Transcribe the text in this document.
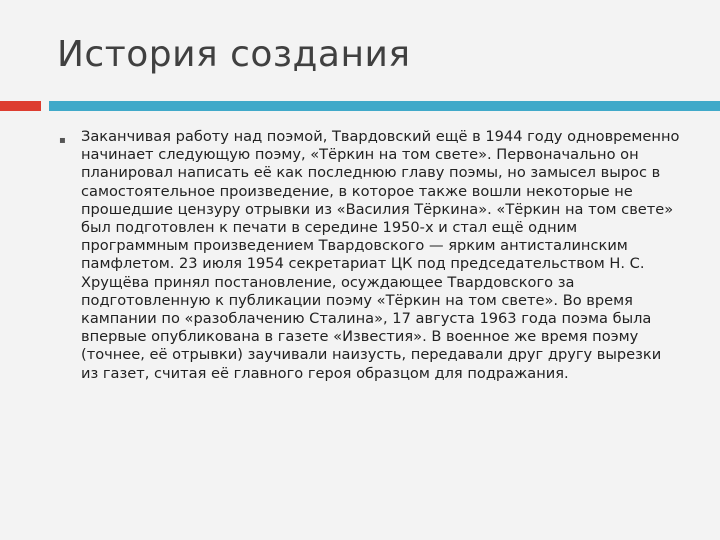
История создания
▪	Заканчивая работу над поэмой, Твардовский ещё в 1944 году одновременно начинает следующую поэму, «Тёркин на том свете». Первоначально он планировал написать её как последнюю главу поэмы, но замысел вырос в самостоятельное произведение, в которое также вошли некоторые не прошедшие цензуру отрывки из «Василия Тёркина». «Тёркин на том свете» был подготовлен к печати в середине 1950-х и стал ещё одним программным произведением Твардовского — ярким антисталинским памфлетом. 23 июля 1954 секретариат ЦК под председательством Н. С. Хрущёва принял постановление, осуждающее Твардовского за подготовленную к публикации поэму «Тёркин на том свете». Во время кампании по «разоблачению Сталина», 17 августа 1963 года поэма была впервые опубликована в газете «Известия». В военное же время поэму (точнее, её отрывки) заучивали наизусть, передавали друг другу вырезки из газет, считая её главного героя образцом для подражания.
